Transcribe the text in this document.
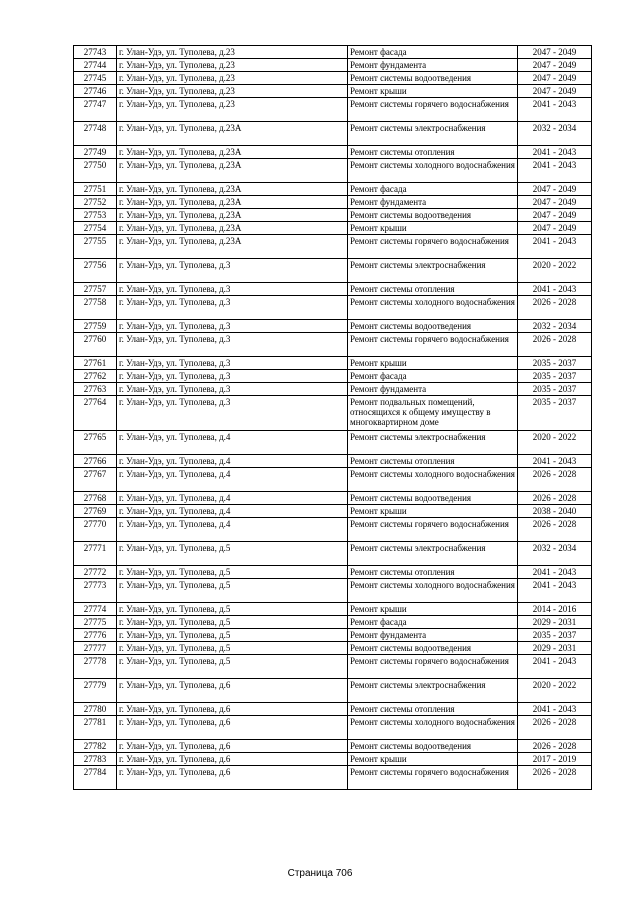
27743	г. Улан-Удэ, ул. Туполева, д.23	Ремонт фасада	2047 - 2049
27744	г. Улан-Удэ, ул. Туполева, д.23	Ремонт фундамента	2047 - 2049
27745	г. Улан-Удэ, ул. Туполева, д.23	Ремонт системы водоотведения	2047 - 2049
27746	г. Улан-Удэ, ул. Туполева, д.23	Ремонт крыши	2047 - 2049
27747	г. Улан-Удэ, ул. Туполева, д.23	Ремонт системы горячего водоснабжения	2041 - 2043
27748	г. Улан-Удэ, ул. Туполева, д.23А	Ремонт системы электроснабжения	2032 - 2034
27749	г. Улан-Удэ, ул. Туполева, д.23А	Ремонт системы отопления	2041 - 2043
27750	г. Улан-Удэ, ул. Туполева, д.23А	Ремонт системы холодного водоснабжения	2041 - 2043
27751	г. Улан-Удэ, ул. Туполева, д.23А	Ремонт фасада	2047 - 2049
27752	г. Улан-Удэ, ул. Туполева, д.23А	Ремонт фундамента	2047 - 2049
27753	г. Улан-Удэ, ул. Туполева, д.23А	Ремонт системы водоотведения	2047 - 2049
27754	г. Улан-Удэ, ул. Туполева, д.23А	Ремонт крыши	2047 - 2049
27755	г. Улан-Удэ, ул. Туполева, д.23А	Ремонт системы горячего водоснабжения	2041 - 2043
27756	г. Улан-Удэ, ул. Туполева, д.3	Ремонт системы электроснабжения	2020 - 2022
27757	г. Улан-Удэ, ул. Туполева, д.3	Ремонт системы отопления	2041 - 2043
27758	г. Улан-Удэ, ул. Туполева, д.3	Ремонт системы холодного водоснабжения	2026 - 2028
27759	г. Улан-Удэ, ул. Туполева, д.3	Ремонт системы водоотведения	2032 - 2034
27760	г. Улан-Удэ, ул. Туполева, д.3	Ремонт системы горячего водоснабжения	2026 - 2028
27761	г. Улан-Удэ, ул. Туполева, д.3	Ремонт крыши	2035 - 2037
27762	г. Улан-Удэ, ул. Туполева, д.3	Ремонт фасада	2035 - 2037
27763	г. Улан-Удэ, ул. Туполева, д.3	Ремонт фундамента	2035 - 2037
27764	г. Улан-Удэ, ул. Туполева, д.3	Ремонт подвальных помещений, относящихся к общему имуществу в многоквартирном доме	2035 - 2037
27765	г. Улан-Удэ, ул. Туполева, д.4	Ремонт системы электроснабжения	2020 - 2022
27766	г. Улан-Удэ, ул. Туполева, д.4	Ремонт системы отопления	2041 - 2043
27767	г. Улан-Удэ, ул. Туполева, д.4	Ремонт системы холодного водоснабжения	2026 - 2028
27768	г. Улан-Удэ, ул. Туполева, д.4	Ремонт системы водоотведения	2026 - 2028
27769	г. Улан-Удэ, ул. Туполева, д.4	Ремонт крыши	2038 - 2040
27770	г. Улан-Удэ, ул. Туполева, д.4	Ремонт системы горячего водоснабжения	2026 - 2028
27771	г. Улан-Удэ, ул. Туполева, д.5	Ремонт системы электроснабжения	2032 - 2034
27772	г. Улан-Удэ, ул. Туполева, д.5	Ремонт системы отопления	2041 - 2043
27773	г. Улан-Удэ, ул. Туполева, д.5	Ремонт системы холодного водоснабжения	2041 - 2043
27774	г. Улан-Удэ, ул. Туполева, д.5	Ремонт крыши	2014 - 2016
27775	г. Улан-Удэ, ул. Туполева, д.5	Ремонт фасада	2029 - 2031
27776	г. Улан-Удэ, ул. Туполева, д.5	Ремонт фундамента	2035 - 2037
27777	г. Улан-Удэ, ул. Туполева, д.5	Ремонт системы водоотведения	2029 - 2031
27778	г. Улан-Удэ, ул. Туполева, д.5	Ремонт системы горячего водоснабжения	2041 - 2043
27779	г. Улан-Удэ, ул. Туполева, д.6	Ремонт системы электроснабжения	2020 - 2022
27780	г. Улан-Удэ, ул. Туполева, д.6	Ремонт системы отопления	2041 - 2043
27781	г. Улан-Удэ, ул. Туполева, д.6	Ремонт системы холодного водоснабжения	2026 - 2028
27782	г. Улан-Удэ, ул. Туполева, д.6	Ремонт системы водоотведения	2026 - 2028
27783	г. Улан-Удэ, ул. Туполева, д.6	Ремонт крыши	2017 - 2019
27784	г. Улан-Удэ, ул. Туполева, д.6	Ремонт системы горячего водоснабжения	2026 - 2028
Страница 706
